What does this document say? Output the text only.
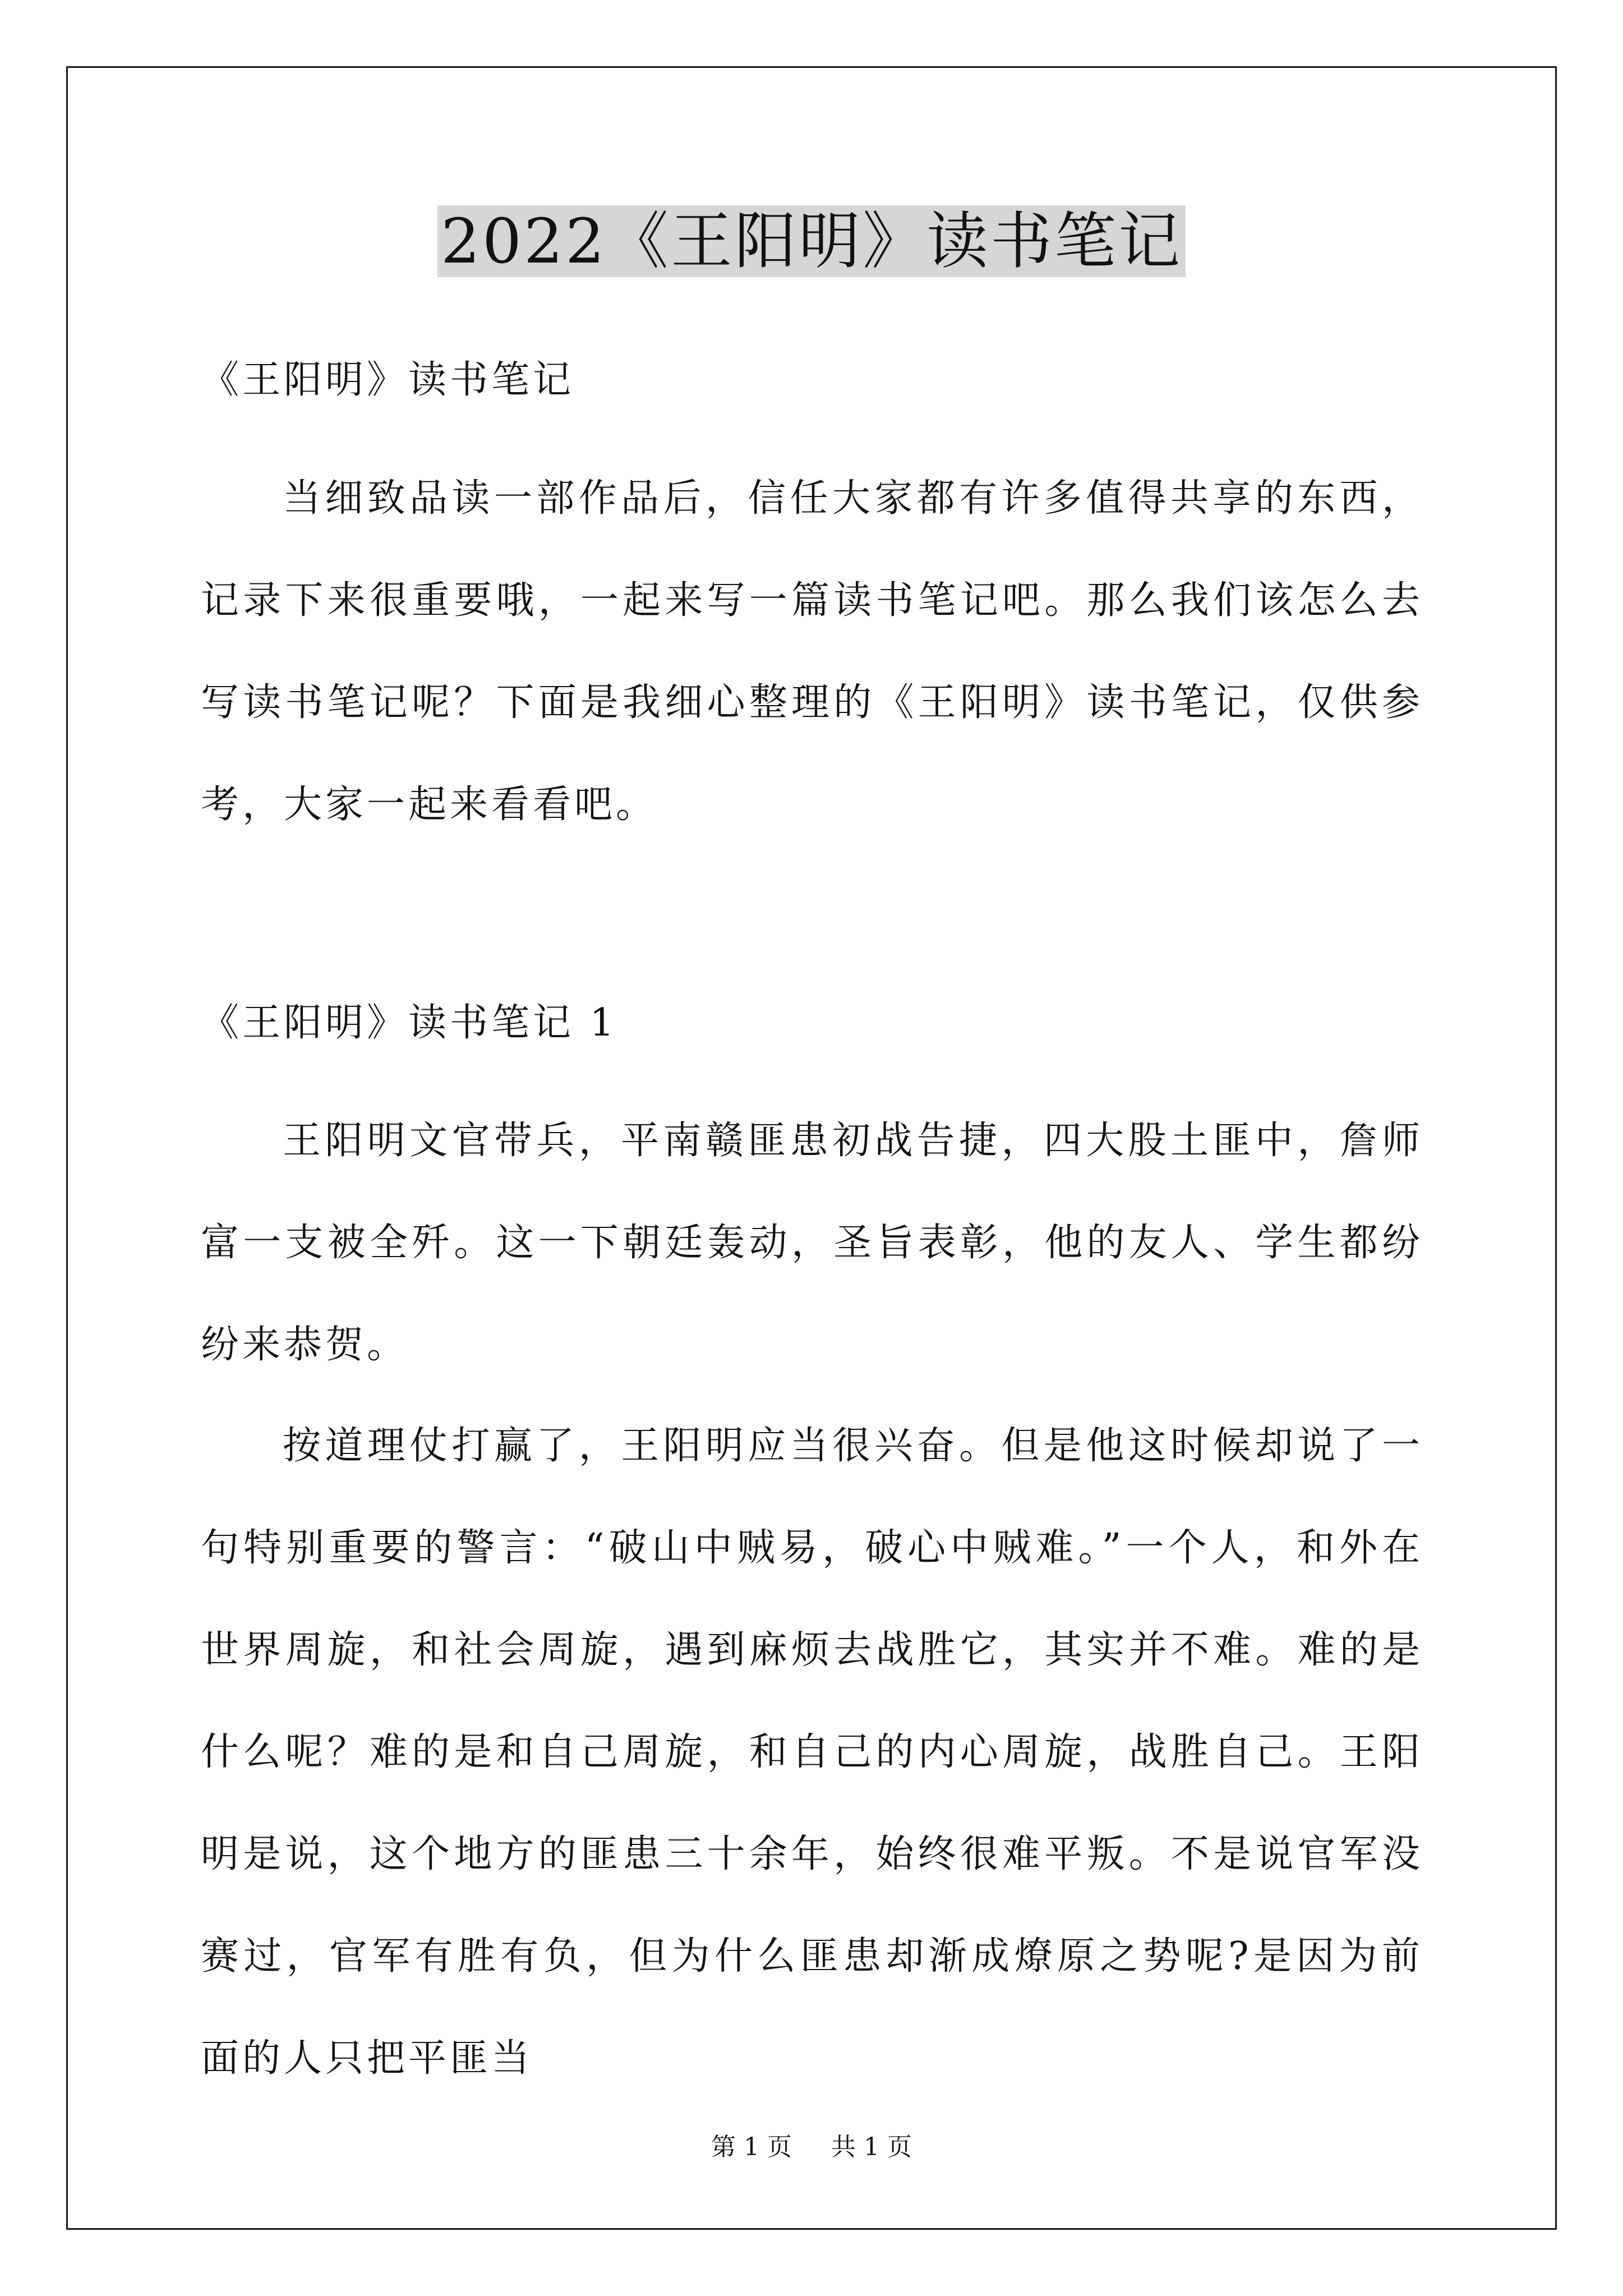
2022《王阳明》读书笔记

《王阳明》读书笔记

当细致品读一部作品后，信任大家都有许多值得共享的东西，记录下来很重要哦，一起来写一篇读书笔记吧。那么我们该怎么去写读书笔记呢？下面是我细心整理的《王阳明》读书笔记，仅供参考，大家一起来看看吧。

《王阳明》读书笔记 1

王阳明文官带兵，平南赣匪患初战告捷，四大股土匪中，詹师富一支被全歼。这一下朝廷轰动，圣旨表彰，他的友人、学生都纷纷来恭贺。

按道理仗打赢了，王阳明应当很兴奋。但是他这时候却说了一句特别重要的警言：“破山中贼易，破心中贼难。”一个人，和外在世界周旋，和社会周旋，遇到麻烦去战胜它，其实并不难。难的是什么呢？难的是和自己周旋，和自己的内心周旋，战胜自己。王阳明是说，这个地方的匪患三十余年，始终很难平叛。不是说官军没赛过，官军有胜有负，但为什么匪患却渐成燎原之势呢?是因为前面的人只把平匪当

第 1 页 共 1 页
